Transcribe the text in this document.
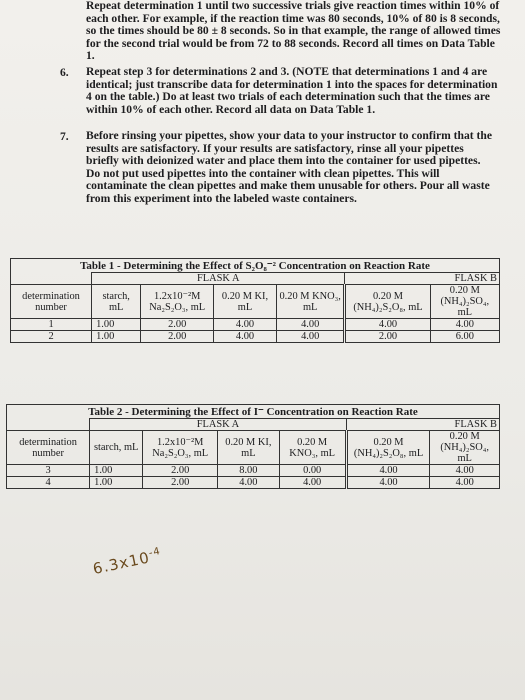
Repeat determination 1 until two successive trials give reaction times within 10% of each other. For example, if the reaction time was 80 seconds, 10% of 80 is 8 seconds, so the times should be 80 ± 8 seconds. So in that example, the range of allowed times for the second trial would be from 72 to 88 seconds. Record all times on Data Table 1.
6. Repeat step 3 for determinations 2 and 3. (NOTE that determinations 1 and 4 are identical; just transcribe data for determination 1 into the spaces for determination 4 on the table.) Do at least two trials of each determination such that the times are within 10% of each other. Record all data on Data Table 1.
7. Before rinsing your pipettes, show your data to your instructor to confirm that the results are satisfactory. If your results are satisfactory, rinse all your pipettes briefly with deionized water and place them into the container for used pipettes. Do not put used pipettes into the container with clean pipettes. This will contaminate the clean pipettes and make them unusable for others. Pour all waste from this experiment into the labeled waste containers.
Table 1 - Determining the Effect of S₂O₈⁻² Concentration on Reaction Rate						
	FLASK A				FLASK B	
determination number	starch, mL	1.2x10⁻²M Na₂S₂O₃, mL	0.20 M KI, mL	0.20 M KNO₃, mL	0.20 M (NH₄)₂S₂O₈, mL	0.20 M (NH₄)₂SO₄, mL
1	1.00	2.00	4.00	4.00	4.00	4.00
2	1.00	2.00	4.00	4.00	2.00	6.00
Table 2 - Determining the Effect of I⁻ Concentration on Reaction Rate						
	FLASK A				FLASK B	
determination number	starch, mL	1.2x10⁻²M Na₂S₂O₃, mL	0.20 M KI, mL	0.20 M KNO₃, mL	0.20 M (NH₄)₂S₂O₈, mL	0.20 M (NH₄)₂SO₄, mL
3	1.00	2.00	8.00	0.00	4.00	4.00
4	1.00	2.00	4.00	4.00	4.00	4.00
$6.3x10^{-4}$
